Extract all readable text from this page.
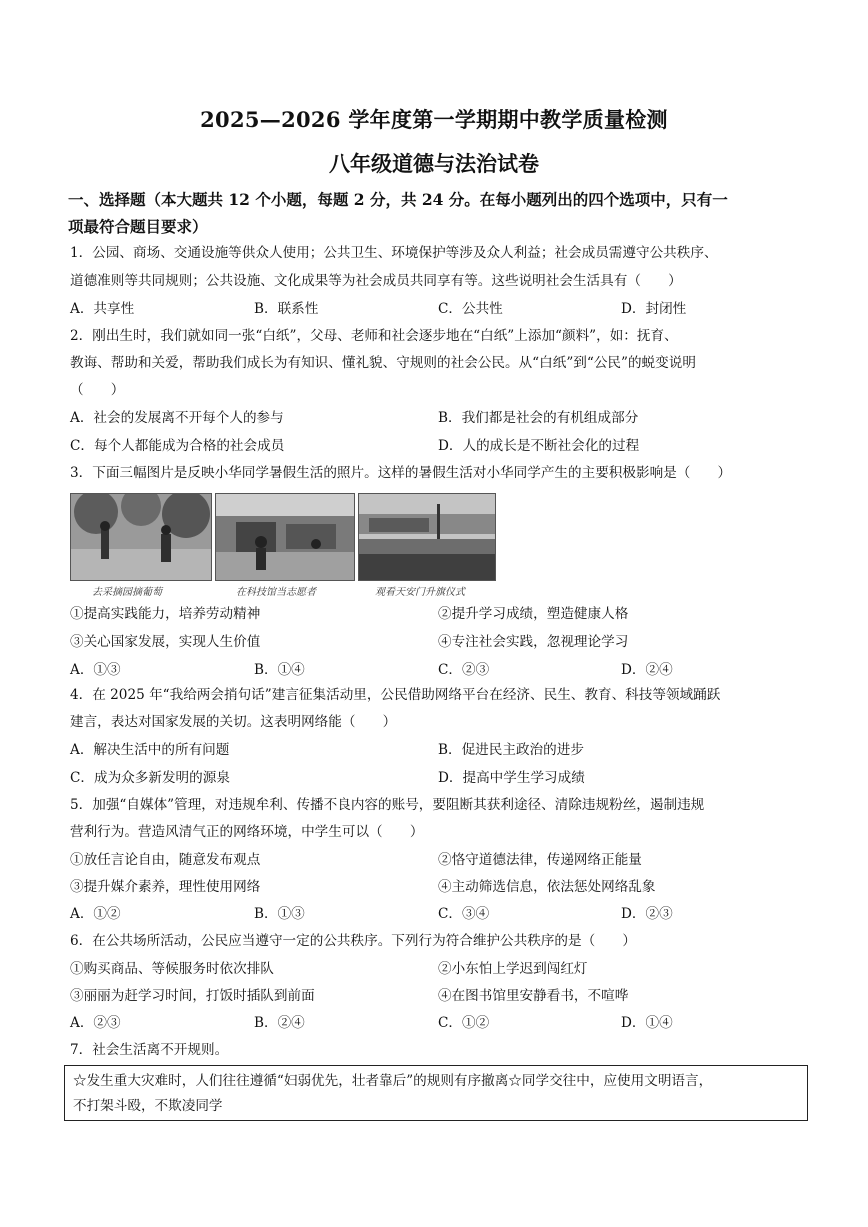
2025—2026 学年度第一学期期中教学质量检测
八年级道德与法治试卷
一、选择题（本大题共 12 个小题，每题 2 分，共 24 分。在每小题列出的四个选项中，只有一
项最符合题目要求）
1．公园、商场、交通设施等供众人使用；公共卫生、环境保护等涉及众人利益；社会成员需遵守公共秩序、
道德准则等共同规则；公共设施、文化成果等为社会成员共同享有等。这些说明社会生活具有（　　）
A．共享性	B．联系性	C．公共性	D．封闭性
2．刚出生时，我们就如同一张“白纸”，父母、老师和社会逐步地在“白纸”上添加“颜料”，如：抚育、
教诲、帮助和关爱，帮助我们成长为有知识、懂礼貌、守规则的社会公民。从“白纸”到“公民”的蜕变说明
（　　）
A．社会的发展离不开每个人的参与	B．我们都是社会的有机组成部分
C．每个人都能成为合格的社会成员	D．人的成长是不断社会化的过程
3．下面三幅图片是反映小华同学暑假生活的照片。这样的暑假生活对小华同学产生的主要积极影响是（　　）
去采摘园摘葡萄	在科技馆当志愿者	观看天安门升旗仪式
①提高实践能力，培养劳动精神	②提升学习成绩，塑造健康人格
③关心国家发展，实现人生价值	④专注社会实践，忽视理论学习
A．①③	B．①④	C．②③	D．②④
4．在 2025 年“我给两会捎句话”建言征集活动里，公民借助网络平台在经济、民生、教育、科技等领域踊跃
建言，表达对国家发展的关切。这表明网络能（　　）
A．解决生活中的所有问题	B．促进民主政治的进步
C．成为众多新发明的源泉	D．提高中学生学习成绩
5．加强“自媒体”管理，对违规牟利、传播不良内容的账号，要阻断其获利途径、清除违规粉丝，遏制违规
营利行为。营造风清气正的网络环境，中学生可以（　　）
①放任言论自由，随意发布观点	②恪守道德法律，传递网络正能量
③提升媒介素养，理性使用网络	④主动筛选信息，依法惩处网络乱象
A．①②	B．①③	C．③④	D．②③
6．在公共场所活动，公民应当遵守一定的公共秩序。下列行为符合维护公共秩序的是（　　）
①购买商品、等候服务时依次排队	②小东怕上学迟到闯红灯
③丽丽为赶学习时间，打饭时插队到前面	④在图书馆里安静看书，不喧哗
A．②③	B．②④	C．①②	D．①④
7．社会生活离不开规则。
☆发生重大灾难时，人们往往遵循“妇弱优先，壮者靠后”的规则有序撤离☆同学交往中，应使用文明语言，
不打架斗殴，不欺凌同学
